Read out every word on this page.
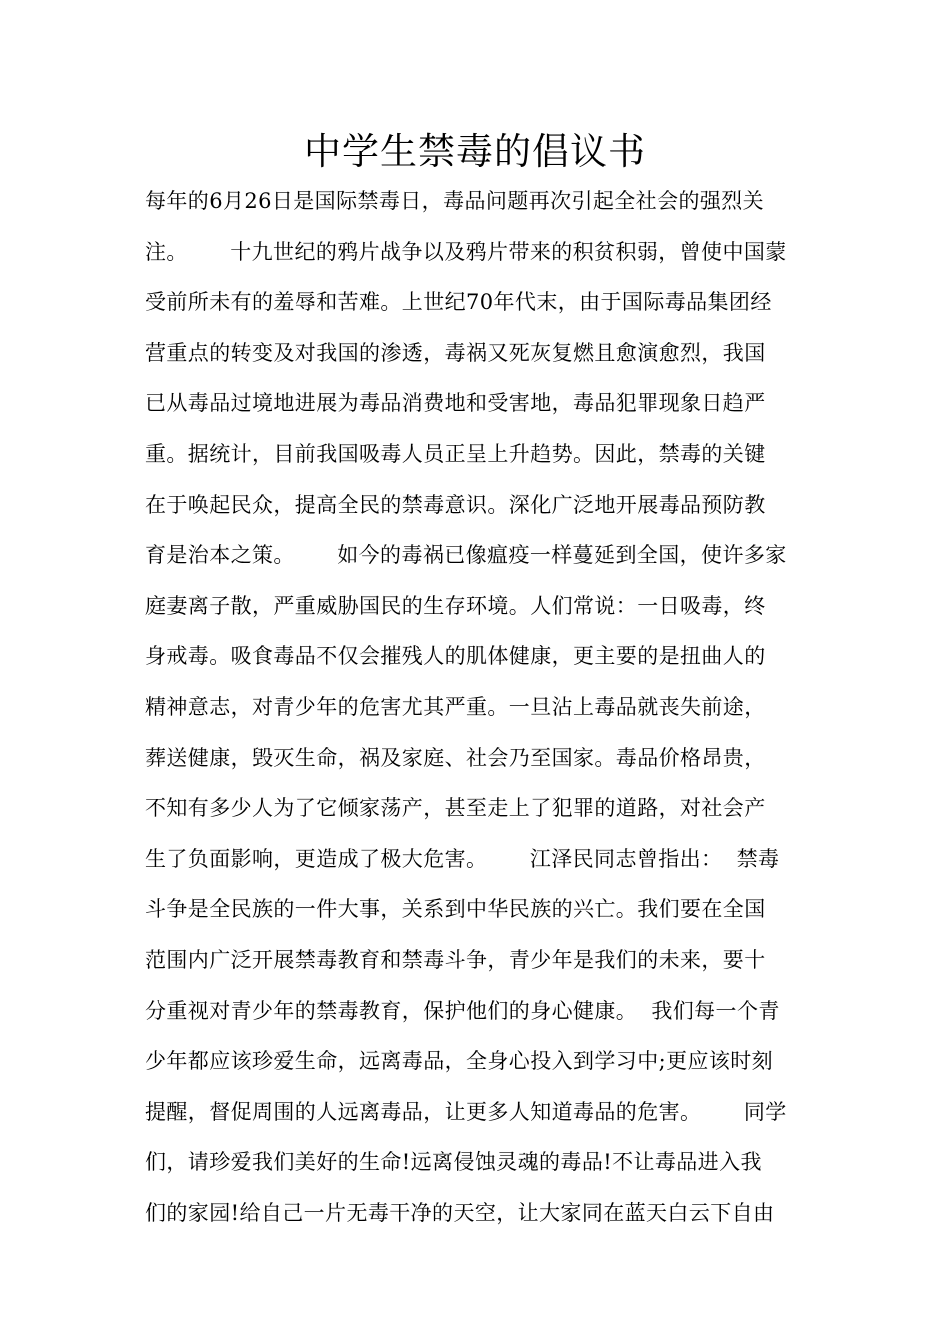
中学生禁毒的倡议书
每年的6月26日是国际禁毒日，毒品问题再次引起全社会的强烈关
注。      十九世纪的鸦片战争以及鸦片带来的积贫积弱，曾使中国蒙
受前所未有的羞辱和苦难。上世纪70年代末，由于国际毒品集团经
营重点的转变及对我国的渗透，毒祸又死灰复燃且愈演愈烈，我国
已从毒品过境地进展为毒品消费地和受害地，毒品犯罪现象日趋严
重。据统计，目前我国吸毒人员正呈上升趋势。因此，禁毒的关键
在于唤起民众，提高全民的禁毒意识。深化广泛地开展毒品预防教
育是治本之策。      如今的毒祸已像瘟疫一样蔓延到全国，使许多家
庭妻离子散，严重威胁国民的生存环境。人们常说：一日吸毒，终
身戒毒。吸食毒品不仅会摧残人的肌体健康，更主要的是扭曲人的
精神意志，对青少年的危害尤其严重。一旦沾上毒品就丧失前途，
葬送健康，毁灭生命，祸及家庭、社会乃至国家。毒品价格昂贵，
不知有多少人为了它倾家荡产，甚至走上了犯罪的道路，对社会产
生了负面影响，更造成了极大危害。      江泽民同志曾指出：  禁毒
斗争是全民族的一件大事，关系到中华民族的兴亡。我们要在全国
范围内广泛开展禁毒教育和禁毒斗争，青少年是我们的未来，要十
分重视对青少年的禁毒教育，保护他们的身心健康。  我们每一个青
少年都应该珍爱生命，远离毒品，全身心投入到学习中;更应该时刻
提醒，督促周围的人远离毒品，让更多人知道毒品的危害。      同学
们，请珍爱我们美好的生命!远离侵蚀灵魂的毒品!不让毒品进入我
们的家园!给自己一片无毒干净的天空，让大家同在蓝天白云下自由
